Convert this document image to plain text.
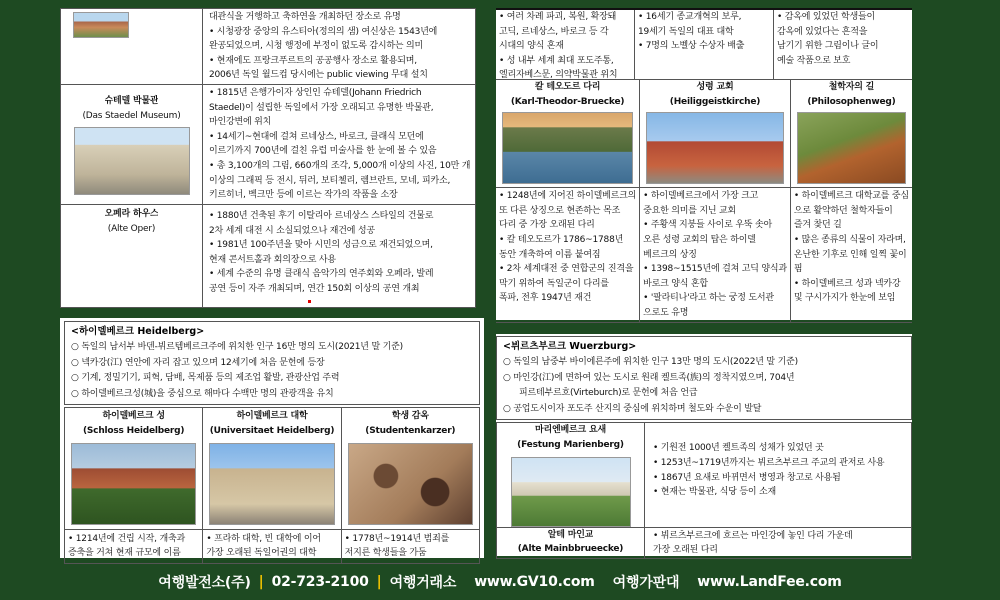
대관식을 거행하고 축하연을 개최하던 장소로 유명
• 시청광장 중앙의 유스티아(정의의 샘) 여신상은 1543년에
완공되었으며, 시청 행정에 부정이 없도록 감시하는 의미
• 현재에도 프랑크푸르트의 공공행사 장소로 활용되며,
2006년 독일 월드컵 당시에는 public viewing 무대 설치
슈테델 박물관
(Das Staedel Museum)
• 1815년 은행가이자 상인인 슈테델(Johann Friedrich
Staedel)이 설립한 독일에서 가장 오래되고 유명한 박물관,
마인강변에 위치
• 14세기~현대에 걸쳐 르네상스, 바로크, 클래식 모던에
이르기까지 700년에 걸친 유럽 미술사를 한 눈에 볼 수 있음
• 총 3,100개의 그림, 660개의 조각, 5,000개 이상의 사진, 10만 개
이상의 그래픽 등 전시, 뒤러, 보티첼리, 렘브란트, 모네, 피카소,
키르히너, 벡크만 등에 이르는 작가의 작품을 소장
오페라 하우스
(Alte Oper)
• 1880년 건축된 후기 이탈리아 르네상스 스타일의 건물로
2차 세계 대전 시 소실되었으나 재건에 성공
• 1981년 100주년을 맞아 시민의 성금으로 재건되었으며,
현재 콘서트홀과 회의장으로 사용
• 세계 수준의 유명 클래식 음악가의 연주회와 오페라, 발레
공연 등이 자주 개최되며, 연간 150회 이상의 공연 개최
<하이델베르크 Heidelberg>
○ 독일의 남서부 바덴-뷔르템베르크주에 위치한 인구 16만 명의 도시(2021년 말 기준)
○ 넥카강(江) 연안에 자리 잡고 있으며 12세기에 처음 문헌에 등장
○ 기계, 정밀기기, 피혁, 담배, 목제품 등의 제조업 활발, 관광산업 주력
○ 하이델베르크성(城)을 중심으로 해마다 수백만 명의 관광객을 유치
하이델베르크 성
(Schloss Heidelberg)
• 1214년에 건립 시작, 개축과
증축을 거쳐 현재 규모에 이름
하이델베르크 대학
(Universitaet Heidelberg)
• 프라하 대학, 빈 대학에 이어
가장 오래된 독일어권의 대학
학생 감옥
(Studentenkarzer)
• 1778년~1914년 범죄를
저지른 학생들을 가둠
• 여러 차례 파괴, 복원, 확장돼
고딕, 르네상스, 바로크 등 각
시대의 양식 혼재
• 성 내부 세계 최대 포도주통,
엘리자베스문, 의약박물관 위치
• 16세기 종교개혁의 보루,
19세기 독일의 대표 대학
• 7명의 노벨상 수상자 배출
• 감옥에 있었던 학생들이
감옥에 있었다는 흔적을
남기기 위한 그림이나 글이
예술 작품으로 보호
칼 테오도르 다리
(Karl-Theodor-Bruecke)
• 1248년에 지어진 하이델베르크의
또 다른 상징으로 현존하는 목조
다리 중 가장 오래된 다리
• 칼 테오도르가 1786~1788년
동안 개축하여 이름 붙여짐
• 2차 세계대전 중 연합군의 진격을
막기 위하여 독일군이 다리를
폭파, 전후 1947년 재건
성령 교회
(Heiliggeistkirche)
• 하이델베르크에서 가장 크고
중요한 의미를 지닌 교회
• 주황색 지붕들 사이로 우뚝 솟아
오른 성령 교회의 탑은 하이델
베르크의 상징
• 1398~1515년에 걸쳐 고딕 양식과
바로크 양식 혼합
• '팔라티나'라고 하는 궁정 도서관
으로도 유명
철학자의 길
(Philosophenweg)
• 하이델베르크 대학교를 중심
으로 활약하던 철학자들이
즐겨 찾던 길
• 많은 종류의 식물이 자라며,
온난한 기후로 인해 일찍 꽃이
핌
• 하이델베르크 성과 넥카강
및 구시가지가 한눈에 보임
<뷔르츠부르크 Wuerzburg>
○ 독일의 남중부 바이에른주에 위치한 인구 13만 명의 도시(2022년 말 기준)
○ 마인강(江)에 면하여 있는 도시로 원래 켈트족(族)의 정착지였으며, 704년
피르테부르흐(Virteburch)로 문헌에 처음 언급
○ 공업도시이자 포도주 산지의 중심에 위치하며 철도와 수운이 발달
마리엔베르크 요새
(Festung Marienberg)	• 기원전 1000년 켈트족의 성채가 있었던 곳
• 1253년~1719년까지는 뷔르츠부르크 주교의 관저로 사용
• 1867년 요새로 바뀌면서 병영과 창고로 사용됨
• 현재는 박물관, 식당 등이 소재
알테 마인교
(Alte Mainbbrueecke)
• 뷔르츠부르크에 흐르는 마인강에 놓인 다리 가운데
가장 오래된 다리
여행발전소(주) | 02-723-2100 | 여행거래소 www.GV10.com 여행가판대 www.LandFee.com
